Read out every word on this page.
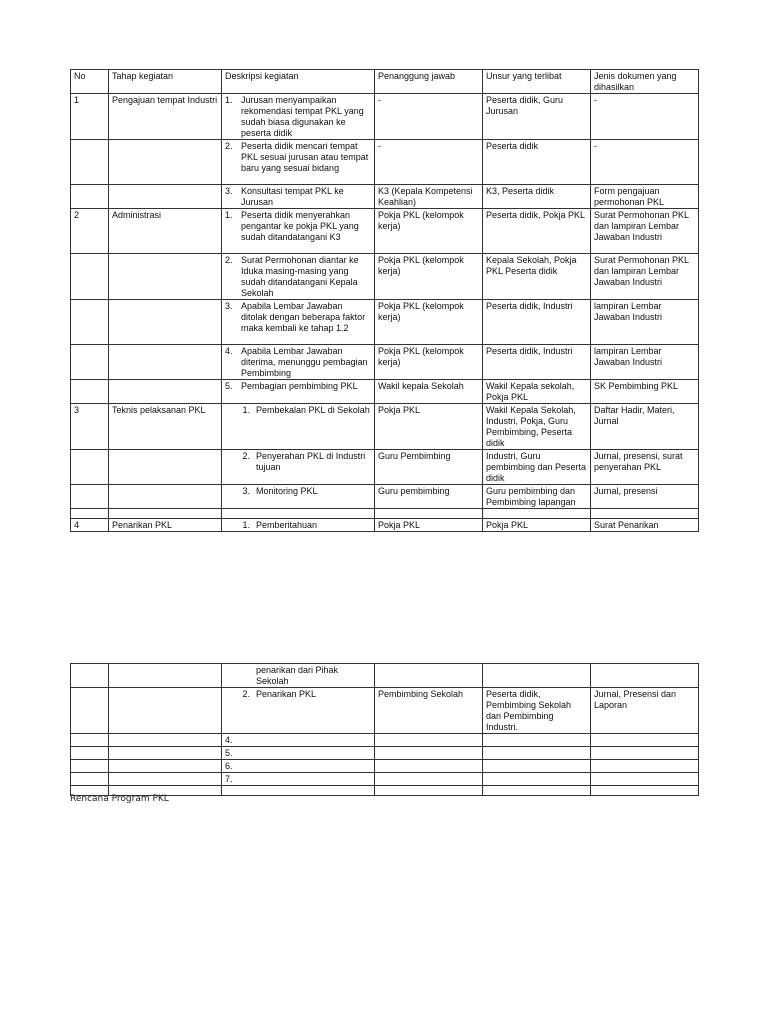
No	Tahap kegiatan	Deskripsi kegiatan	Penanggung jawab	Unsur yang terlibat	Jenis dokumen yang dihasilkan
1	Pengajuan tempat Industri	1. Jurusan menyampaikan rekomendasi tempat PKL yang sudah biasa digunakan ke peserta didik	-	Peserta didik, Guru Jurusan	-

		2. Peserta didik mencari tempat PKL sesuai jurusan atau tempat baru yang sesuai bidang	-	Peserta didik	-

		3. Konsultasi tempat PKL ke Jurusan	K3 (Kepala Kompetensi Keahlian)	K3, Peserta didik	Form pengajuan permohonan PKL
2	Administrasi	1. Peserta didik menyerahkan pengantar ke pokja PKL yang sudah ditandatangani K3	Pokja PKL (kelompok kerja)	Peserta didik, Pokja PKL	Surat Permohonan PKL dan lampiran Lembar Jawaban Industri

		2. Surat Permohonan diantar ke Iduka masing-masing yang sudah ditandatangani Kepala Sekolah	Pokja PKL (kelompok kerja)	Kepala Sekolah, Pokja PKL Peserta didik	Surat Permohonan PKL dan lampiran Lembar Jawaban Industri

		3. Apabila Lembar Jawaban ditolak dengan beberapa faktor maka kembali ke tahap 1.2	Pokja PKL (kelompok kerja)	Peserta didik, Industri	lampiran Lembar Jawaban Industri

		4. Apabila Lembar Jawaban diterima, menunggu pembagian Pembimbing	Pokja PKL (kelompok kerja)	Peserta didik, Industri	lampiran Lembar Jawaban Industri

		5. Pembagian pembimbing PKL	Wakil kepala Sekolah	Wakil Kepala sekolah, Pokja PKL	SK Pembimbing PKL
3	Teknis pelaksanan PKL	1. Pembekalan PKL di Sekolah	Pokja PKL	Wakil Kepala Sekolah, Industri, Pokja, Guru Pembimbing, Peserta didik	Daftar Hadir, Materi, Jurnal

		2. Penyerahan PKL di Industri tujuan	Guru Pembimbing	Industri, Guru pembimbing dan Peserta didik	Jurnal, presensi, surat penyerahan PKL

		3. Monitoring PKL	Guru pembimbing	Guru pembimbing dan Pembimbing lapangan	Jurnal, presensi

4	Penarikan PKL	1. Pemberitahuan	Pokja PKL	Pokja PKL	Surat Penarikan

		penarikan dari Pihak Sekolah			

		2. Penarikan PKL	Pembimbing Sekolah	Peserta didik, Pembimbing Sekolah dan Pembimbing Industri.	Jurnal, Presensi dan Laporan

		4.			

		5.			

		6.			

		7.			

Rencana Program PKL
